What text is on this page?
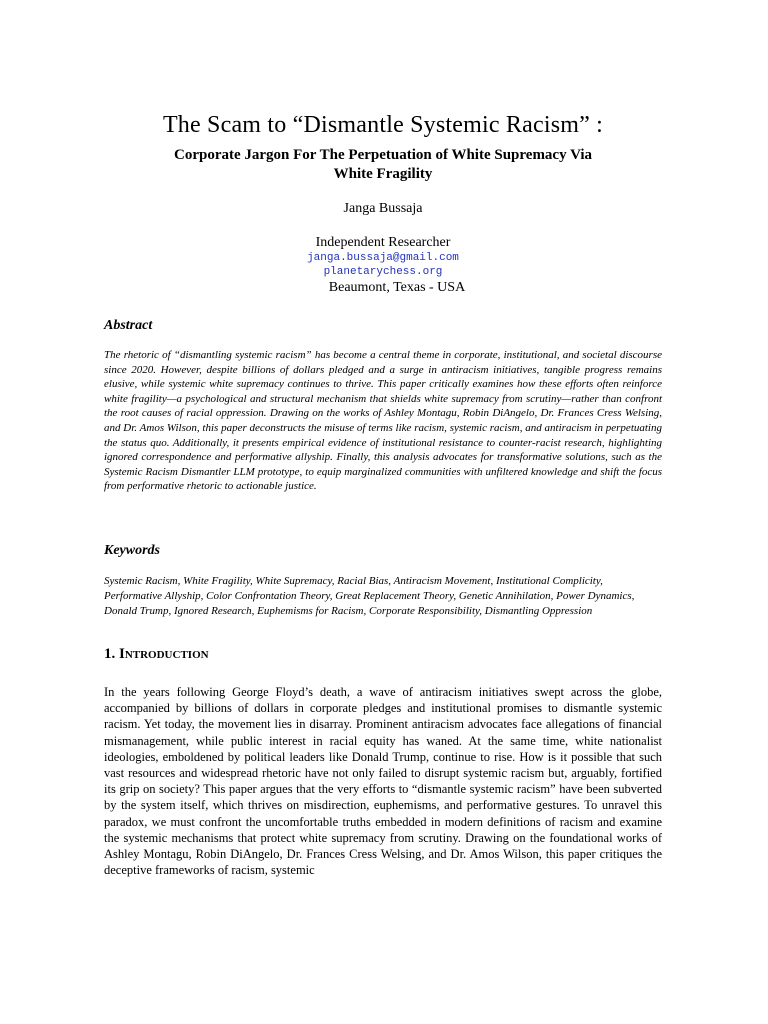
The Scam to “Dismantle Systemic Racism” :
Corporate Jargon For The Perpetuation of White Supremacy Via
White Fragility
Janga Bussaja
Independent Researcher
janga.bussaja@gmail.com
planetarychess.org
Beaumont, Texas - USA
Abstract

The rhetoric of “dismantling systemic racism” has become a central theme in corporate, institutional, and societal discourse since 2020. However, despite billions of dollars pledged and a surge in antiracism initiatives, tangible progress remains elusive, while systemic white supremacy continues to thrive. This paper critically examines how these efforts often reinforce white fragility—a psychological and structural mechanism that shields white supremacy from scrutiny—rather than confront the root causes of racial oppression. Drawing on the works of Ashley Montagu, Robin DiAngelo, Dr. Frances Cress Welsing, and Dr. Amos Wilson, this paper deconstructs the misuse of terms like racism, systemic racism, and antiracism in perpetuating the status quo. Additionally, it presents empirical evidence of institutional resistance to counter-racist research, highlighting ignored correspondence and performative allyship. Finally, this analysis advocates for transformative solutions, such as the Systemic Racism Dismantler LLM prototype, to equip marginalized communities with unfiltered knowledge and shift the focus from performative rhetoric to actionable justice.

Keywords

Systemic Racism, White Fragility, White Supremacy, Racial Bias, Antiracism Movement, Institutional Complicity, Performative Allyship, Color Confrontation Theory, Great Replacement Theory, Genetic Annihilation, Power Dynamics, Donald Trump, Ignored Research, Euphemisms for Racism, Corporate Responsibility, Dismantling Oppression

1. Introduction

In the years following George Floyd’s death, a wave of antiracism initiatives swept across the globe, accompanied by billions of dollars in corporate pledges and institutional promises to dismantle systemic racism. Yet today, the movement lies in disarray. Prominent antiracism advocates face allegations of financial mismanagement, while public interest in racial equity has waned. At the same time, white nationalist ideologies, emboldened by political leaders like Donald Trump, continue to rise. How is it possible that such vast resources and widespread rhetoric have not only failed to disrupt systemic racism but, arguably, fortified its grip on society? This paper argues that the very efforts to “dismantle systemic racism” have been subverted by the system itself, which thrives on misdirection, euphemisms, and performative gestures. To unravel this paradox, we must confront the uncomfortable truths embedded in modern definitions of racism and examine the systemic mechanisms that protect white supremacy from scrutiny. Drawing on the foundational works of Ashley Montagu, Robin DiAngelo, Dr. Frances Cress Welsing, and Dr. Amos Wilson, this paper critiques the deceptive frameworks of racism, systemic
